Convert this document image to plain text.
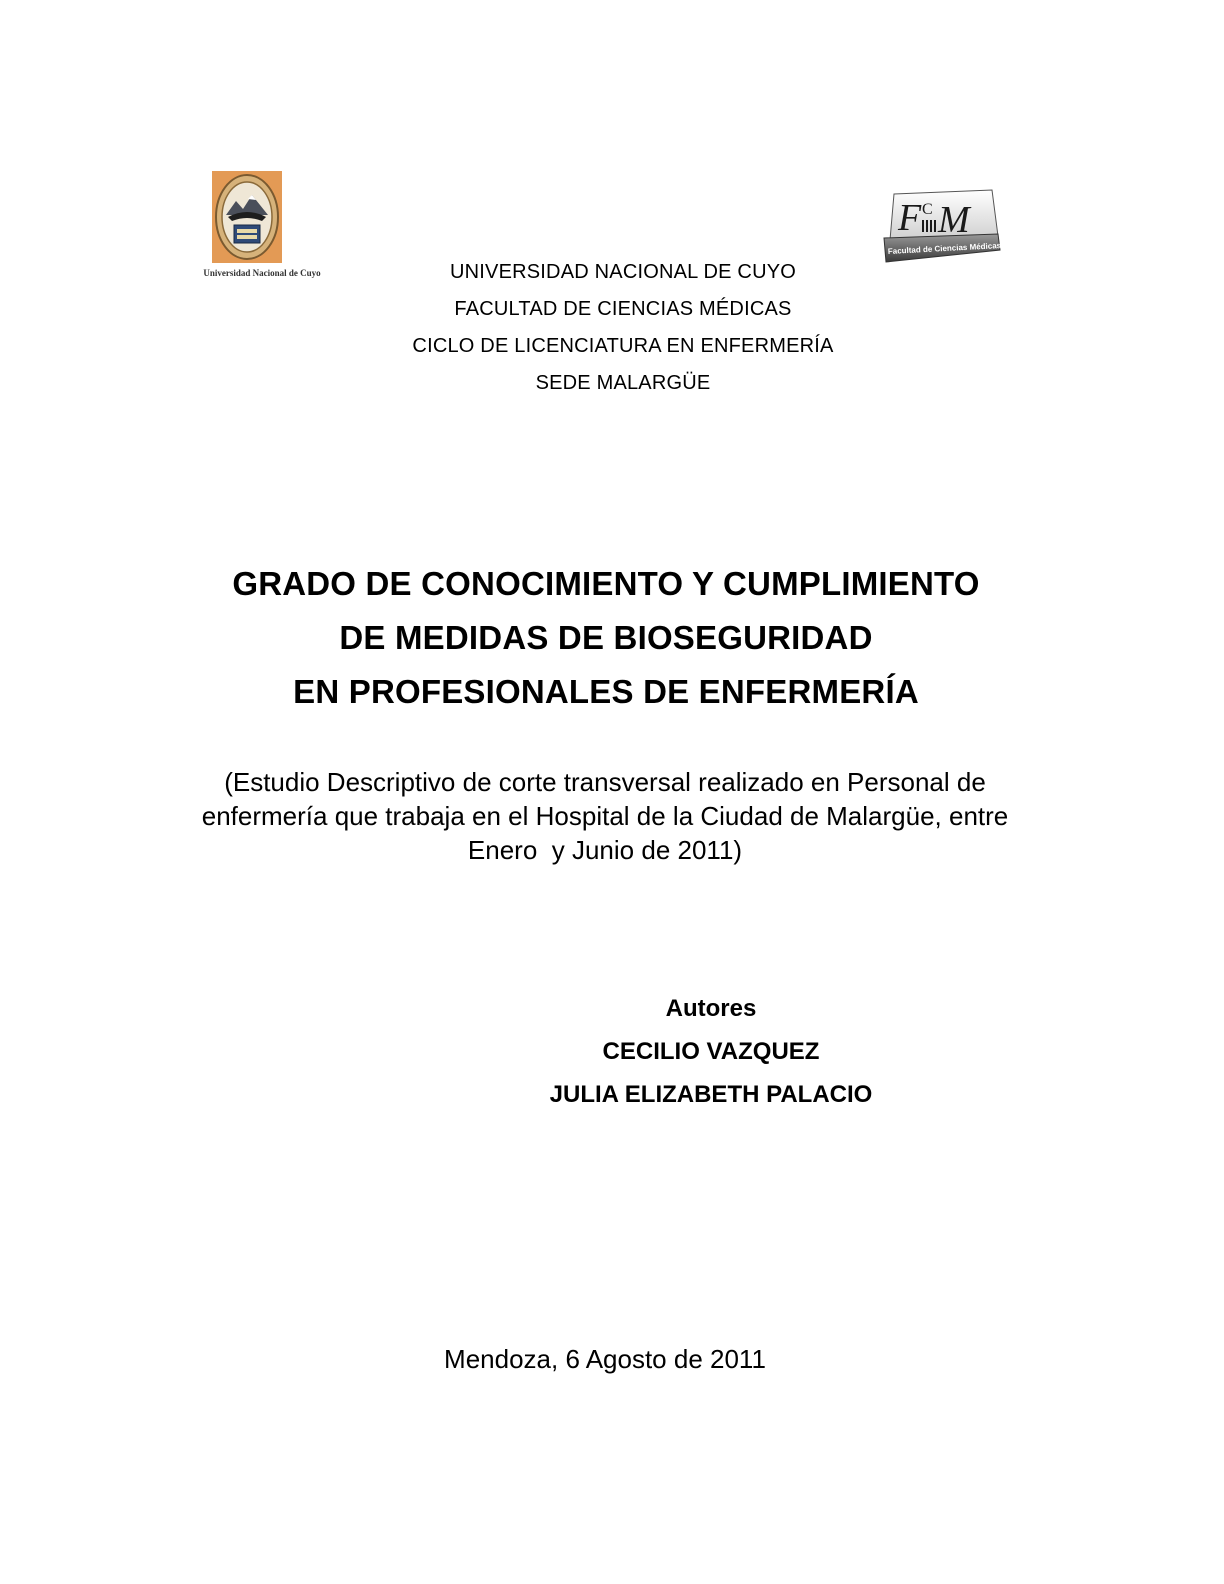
Universidad Nacional de Cuyo
F C M
Facultad de Ciencias Médicas
UNIVERSIDAD NACIONAL DE CUYO
FACULTAD DE CIENCIAS MÉDICAS
CICLO DE LICENCIATURA EN ENFERMERÍA
SEDE MALARGÜE
GRADO DE CONOCIMIENTO Y CUMPLIMIENTO
DE MEDIDAS DE BIOSEGURIDAD
EN PROFESIONALES DE ENFERMERÍA
(Estudio Descriptivo de corte transversal realizado en Personal de
enfermería que trabaja en el Hospital de la Ciudad de Malargüe, entre
Enero  y Junio de 2011)
Autores
CECILIO VAZQUEZ
JULIA ELIZABETH PALACIO
Mendoza, 6 Agosto de 2011
